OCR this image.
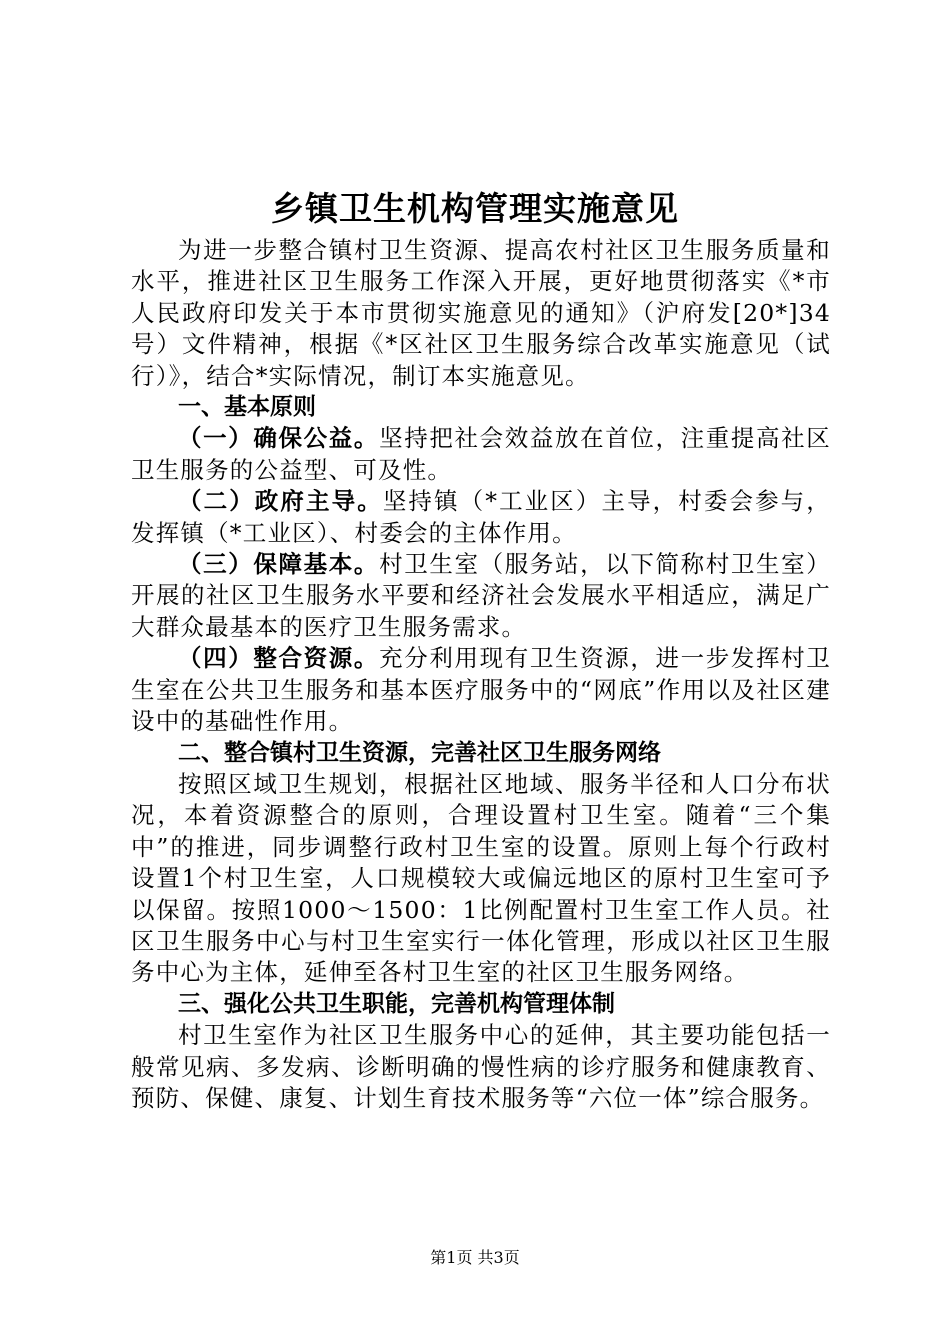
乡镇卫生机构管理实施意见

为进一步整合镇村卫生资源、提高农村社区卫生服务质量和水平，推进社区卫生服务工作深入开展，更好地贯彻落实《*市人民政府印发关于本市贯彻实施意见的通知》（沪府发[20*]34号）文件精神，根据《*区社区卫生服务综合改革实施意见（试行）》，结合*实际情况，制订本实施意见。

一、基本原则

（一）确保公益。坚持把社会效益放在首位，注重提高社区卫生服务的公益型、可及性。

（二）政府主导。坚持镇（*工业区）主导，村委会参与，发挥镇（*工业区）、村委会的主体作用。

（三）保障基本。村卫生室（服务站，以下简称村卫生室）开展的社区卫生服务水平要和经济社会发展水平相适应，满足广大群众最基本的医疗卫生服务需求。

（四）整合资源。充分利用现有卫生资源，进一步发挥村卫生室在公共卫生服务和基本医疗服务中的“网底”作用以及社区建设中的基础性作用。

二、整合镇村卫生资源，完善社区卫生服务网络

按照区域卫生规划，根据社区地域、服务半径和人口分布状况，本着资源整合的原则，合理设置村卫生室。随着“三个集中”的推进，同步调整行政村卫生室的设置。原则上每个行政村设置1个村卫生室，人口规模较大或偏远地区的原村卫生室可予以保留。按照1000～1500：1比例配置村卫生室工作人员。社区卫生服务中心与村卫生室实行一体化管理，形成以社区卫生服务中心为主体，延伸至各村卫生室的社区卫生服务网络。

三、强化公共卫生职能，完善机构管理体制

村卫生室作为社区卫生服务中心的延伸，其主要功能包括一般常见病、多发病、诊断明确的慢性病的诊疗服务和健康教育、预防、保健、康复、计划生育技术服务等“六位一体”综合服务。

第1页 共3页
